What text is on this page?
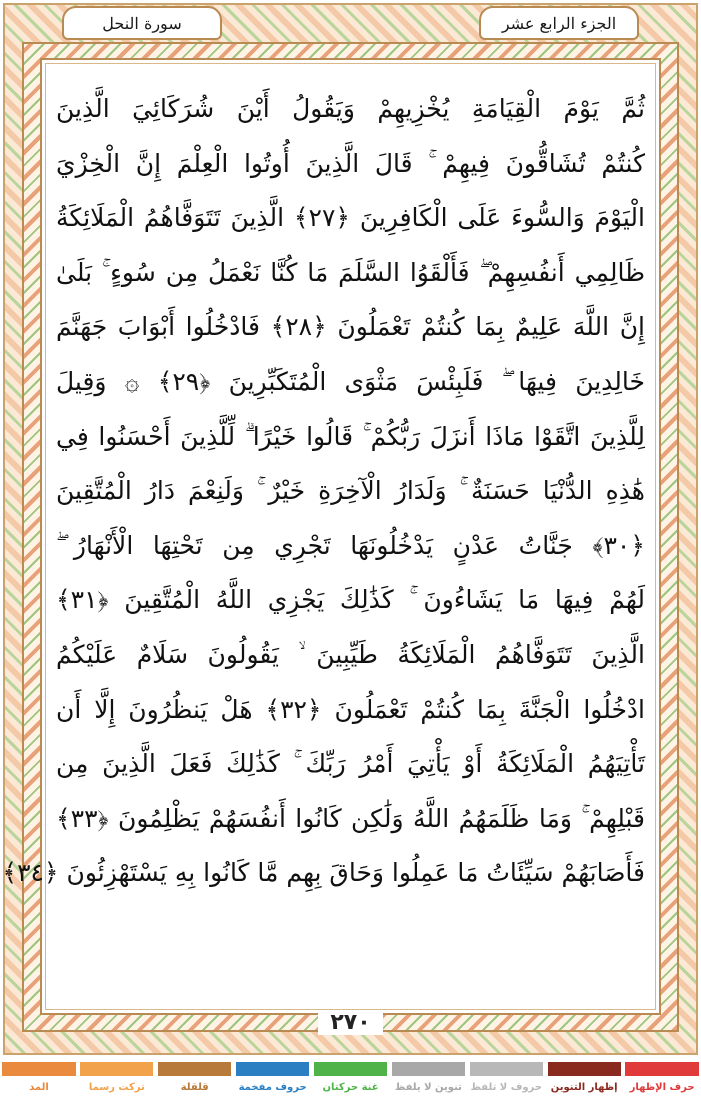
الجزء الرابع عشر
سورة النحل
ثُمَّ يَوْمَ الْقِيَامَةِ يُخْزِيهِمْ وَيَقُولُ أَيْنَ شُرَكَائِيَ الَّذِينَ
كُنتُمْ تُشَاقُّونَ فِيهِمْ ۚ قَالَ الَّذِينَ أُوتُوا الْعِلْمَ إِنَّ الْخِزْيَ
الْيَوْمَ وَالسُّوءَ عَلَى الْكَافِرِينَ ﴿٢٧﴾ الَّذِينَ تَتَوَفَّاهُمُ الْمَلَائِكَةُ
ظَالِمِي أَنفُسِهِمْ ۖ فَأَلْقَوُا السَّلَمَ مَا كُنَّا نَعْمَلُ مِن سُوءٍ ۚ بَلَىٰ
إِنَّ اللَّهَ عَلِيمٌ بِمَا كُنتُمْ تَعْمَلُونَ ﴿٢٨﴾ فَادْخُلُوا أَبْوَابَ جَهَنَّمَ
خَالِدِينَ فِيهَا ۖ فَلَبِئْسَ مَثْوَى الْمُتَكَبِّرِينَ ﴿٢٩﴾ ۞ وَقِيلَ
لِلَّذِينَ اتَّقَوْا مَاذَا أَنزَلَ رَبُّكُمْ ۚ قَالُوا خَيْرًا ۗ لِّلَّذِينَ أَحْسَنُوا فِي
هَٰذِهِ الدُّنْيَا حَسَنَةٌ ۚ وَلَدَارُ الْآخِرَةِ خَيْرٌ ۚ وَلَنِعْمَ دَارُ الْمُتَّقِينَ
﴿٣٠﴾ جَنَّاتُ عَدْنٍ يَدْخُلُونَهَا تَجْرِي مِن تَحْتِهَا الْأَنْهَارُ ۖ
لَهُمْ فِيهَا مَا يَشَاءُونَ ۚ كَذَٰلِكَ يَجْزِي اللَّهُ الْمُتَّقِينَ ﴿٣١﴾
الَّذِينَ تَتَوَفَّاهُمُ الْمَلَائِكَةُ طَيِّبِينَ ۙ يَقُولُونَ سَلَامٌ عَلَيْكُمُ
ادْخُلُوا الْجَنَّةَ بِمَا كُنتُمْ تَعْمَلُونَ ﴿٣٢﴾ هَلْ يَنظُرُونَ إِلَّا أَن
تَأْتِيَهُمُ الْمَلَائِكَةُ أَوْ يَأْتِيَ أَمْرُ رَبِّكَ ۚ كَذَٰلِكَ فَعَلَ الَّذِينَ مِن
قَبْلِهِمْ ۚ وَمَا ظَلَمَهُمُ اللَّهُ وَلَٰكِن كَانُوا أَنفُسَهُمْ يَظْلِمُونَ ﴿٣٣﴾
فَأَصَابَهُمْ سَيِّئَاتُ مَا عَمِلُوا وَحَاقَ بِهِم مَّا كَانُوا بِهِ يَسْتَهْزِئُونَ ﴿٣٤﴾
٢٧٠
المد	تركت رسما	قلقلة	حروف مفخمة غنة حركتان تنوين لا يلفظ حروف لا تلفظ إظهار التنوين حرف الإظهار
